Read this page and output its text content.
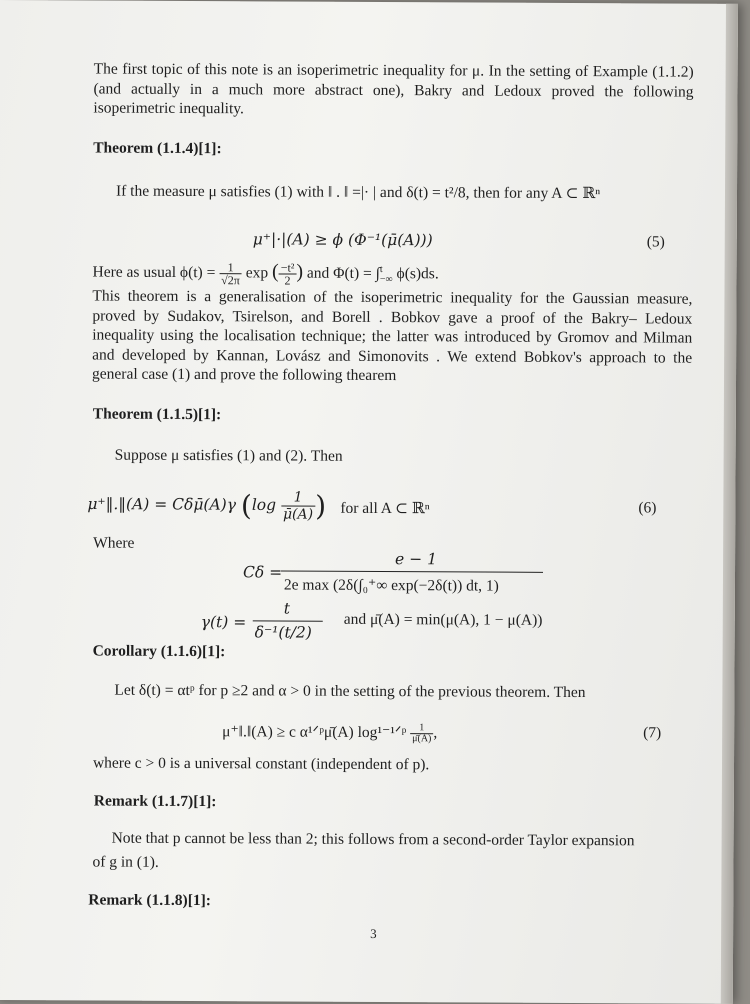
The first topic of this note is an isoperimetric inequality for μ. In the setting of Example (1.1.2) (and actually in a much more abstract one), Bakry and Ledoux proved the following isoperimetric inequality.

Theorem (1.1.4)[1]:
If the measure μ satisfies (1) with ‖ . ‖ =|· | and δ(t) = t²/8, then for any A ⊂ ℝⁿ
μ⁺|·|(A) ≥ ϕ (Φ⁻¹(μ̄(A)))	(5)
Here as usual $\phi(t) = \frac{1}{√2\pi}$ exp ( $\frac{\text{−t²}}{2}$ ) and Φ(t) = ∫ t
−∞ ϕ(s)ds.

This theorem is a generalisation of the isoperimetric inequality for the Gaussian measure, proved by Sudakov, Tsirelson, and Borell . Bobkov gave a proof of the Bakry– Ledoux inequality using the localisation technique; the latter was introduced by Gromov and Milman and developed by Kannan, Lovász and Simonovits . We extend Bobkov's approach to the general case (1) and prove the following thearem

Theorem (1.1.5)[1]:
Suppose μ satisfies (1) and (2). Then
μ⁺‖.‖(A) = Cδμ̄(A)γ ($\log \frac{1}{\mū(A)}$ ) for all A ⊂ ℝⁿ	(6)
Where
Cδ =
e − 1
2e max (2δ(∫₀⁺∞ exp(−2δ(t)) dt, 1)
γ(t) =
t
δ⁻¹(t/2)
and μ̄(A) = min(μ(A), 1 − μ(A))
Corollary (1.1.6)[1]:
Let δ(t) = αtᵖ for p ≥2 and α > 0 in the setting of the previous theorem. Then
μ⁺‖.‖(A) ≥ c α¹ᐟᵖμ̄(A) log¹⁻¹ᐟᵖ $\frac{1}{\mū(A)}$ ,	(7)
where c > 0 is a universal constant (independent of p).
Remark (1.1.7)[1]:
Note that p cannot be less than 2; this follows from a second-order Taylor expansion
of g in (1).
Remark (1.1.8)[1]:
3
